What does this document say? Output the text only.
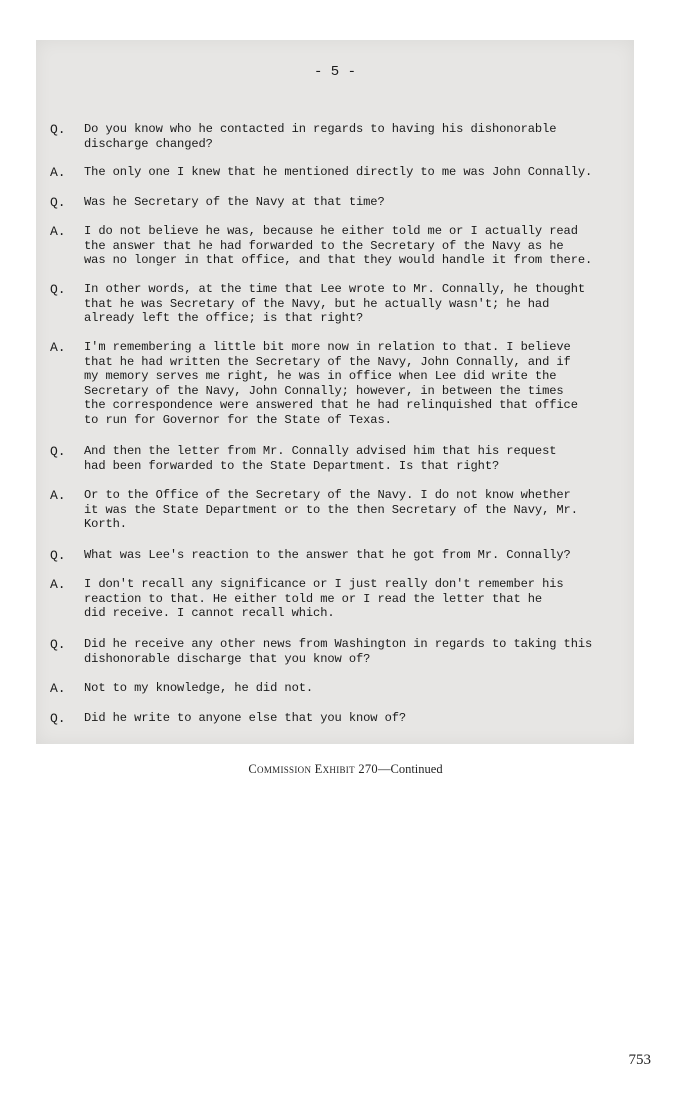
- 5 -
Q.	Do you know who he contacted in regards to having his dishonorable
discharge changed?
A.	The only one I knew that he mentioned directly to me was John Connally.
Q.	Was he Secretary of the Navy at that time?
A.	I do not believe he was, because he either told me or I actually read
the answer that he had forwarded to the Secretary of the Navy as he
was no longer in that office, and that they would handle it from there.
Q.	In other words, at the time that Lee wrote to Mr. Connally, he thought
that he was Secretary of the Navy, but he actually wasn't; he had
already left the office; is that right?
A.	I'm remembering a little bit more now in relation to that. I believe
that he had written the Secretary of the Navy, John Connally, and if
my memory serves me right, he was in office when Lee did write the
Secretary of the Navy, John Connally; however, in between the times
the correspondence were answered that he had relinquished that office
to run for Governor for the State of Texas.
Q.	And then the letter from Mr. Connally advised him that his request
had been forwarded to the State Department. Is that right?
A.	Or to the Office of the Secretary of the Navy. I do not know whether
it was the State Department or to the then Secretary of the Navy, Mr.
Korth.
Q.	What was Lee's reaction to the answer that he got from Mr. Connally?
A.	I don't recall any significance or I just really don't remember his
reaction to that. He either told me or I read the letter that he
did receive. I cannot recall which.
Q.	Did he receive any other news from Washington in regards to taking this
dishonorable discharge that you know of?
A.	Not to my knowledge, he did not.
Q.	Did he write to anyone else that you know of?
Commission Exhibit 270—Continued
753
